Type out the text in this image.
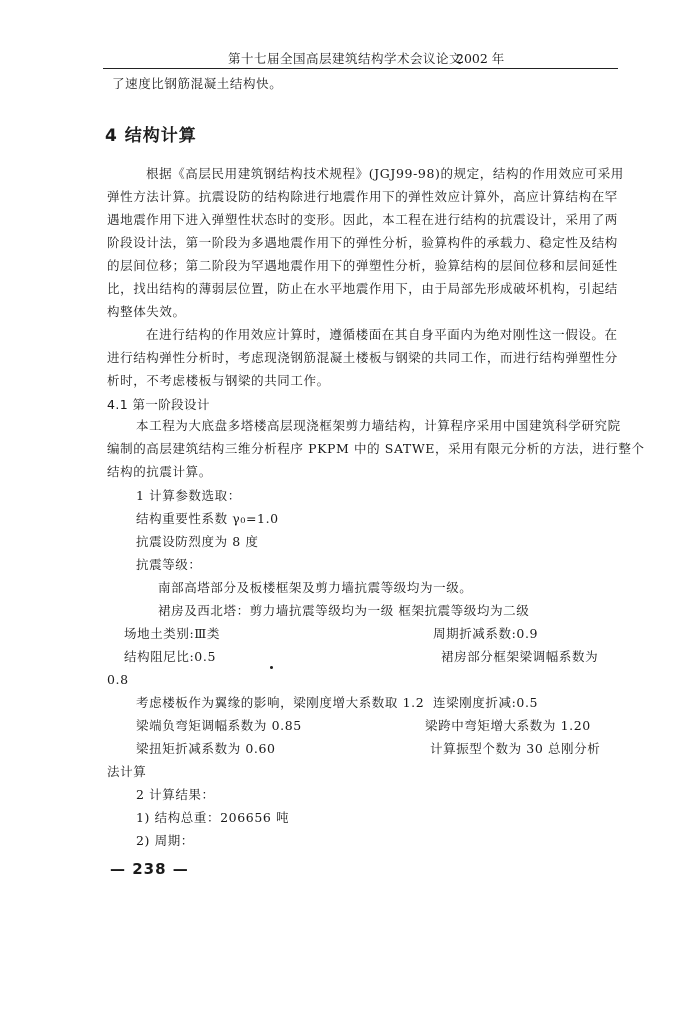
第十七届全国高层建筑结构学术会议论文
2002 年
了速度比钢筋混凝土结构快。
4 结构计算
根据《高层民用建筑钢结构技术规程》(JGJ99-98)的规定，结构的作用效应可采用
弹性方法计算。抗震设防的结构除进行地震作用下的弹性效应计算外，高应计算结构在罕
遇地震作用下进入弹塑性状态时的变形。因此，本工程在进行结构的抗震设计，采用了两
阶段设计法，第一阶段为多遇地震作用下的弹性分析，验算构件的承载力、稳定性及结构
的层间位移；第二阶段为罕遇地震作用下的弹塑性分析，验算结构的层间位移和层间延性
比，找出结构的薄弱层位置，防止在水平地震作用下，由于局部先形成破坏机构，引起结
构整体失效。
在进行结构的作用效应计算时，遵循楼面在其自身平面内为绝对刚性这一假设。在
进行结构弹性分析时，考虑现浇钢筋混凝土楼板与钢梁的共同工作，而进行结构弹塑性分
析时，不考虑楼板与钢梁的共同工作。
4.1 第一阶段设计
本工程为大底盘多塔楼高层现浇框架剪力墙结构，计算程序采用中国建筑科学研究院
编制的高层建筑结构三维分析程序 PKPM 中的 SATWE，采用有限元分析的方法，进行整个
结构的抗震计算。
1 计算参数选取：
结构重要性系数 γ₀=1.0
抗震设防烈度为 8 度
抗震等级：
南部高塔部分及板楼框架及剪力墙抗震等级均为一级。
裙房及西北塔：剪力墙抗震等级均为一级 框架抗震等级均为二级
场地土类别:Ⅲ类	周期折减系数:0.9
结构阻尼比:0.5	裙房部分框架梁调幅系数为
0.8
考虑楼板作为翼缘的影响，梁刚度增大系数取 1.2 连梁刚度折减:0.5
梁端负弯矩调幅系数为 0.85	梁跨中弯矩增大系数为 1.20
梁扭矩折减系数为 0.60	计算振型个数为 30 总刚分析
法计算
2 计算结果：
1) 结构总重：206656 吨
2) 周期：
— 238 —
